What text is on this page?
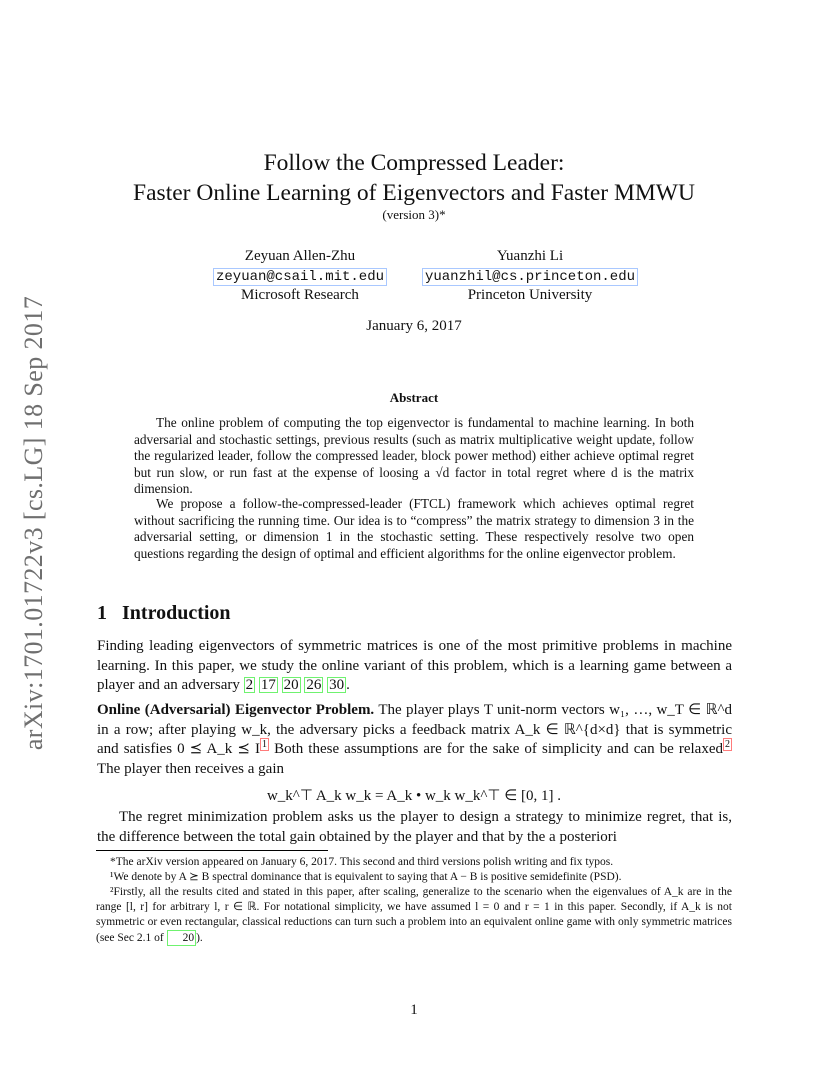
arXiv:1701.01722v3 [cs.LG] 18 Sep 2017
Follow the Compressed Leader:
Faster Online Learning of Eigenvectors and Faster MMWU
(version 3)*
Zeyuan Allen-Zhu
zeyuan@csail.mit.edu
Microsoft Research
Yuanzhi Li
yuanzhil@cs.princeton.edu
Princeton University
January 6, 2017
Abstract
The online problem of computing the top eigenvector is fundamental to machine learning. In both adversarial and stochastic settings, previous results (such as matrix multiplicative weight update, follow the regularized leader, follow the compressed leader, block power method) either achieve optimal regret but run slow, or run fast at the expense of loosing a √d factor in total regret where d is the matrix dimension.
We propose a follow-the-compressed-leader (FTCL) framework which achieves optimal regret without sacrificing the running time. Our idea is to “compress” the matrix strategy to dimension 3 in the adversarial setting, or dimension 1 in the stochastic setting. These respectively resolve two open questions regarding the design of optimal and efficient algorithms for the online eigenvector problem.
1 Introduction
Finding leading eigenvectors of symmetric matrices is one of the most primitive problems in machine learning. In this paper, we study the online variant of this problem, which is a learning game between a player and an adversary 2 17 20 26 30 .
Online (Adversarial) Eigenvector Problem. The player plays T unit-norm vectors w₁, …, w_T ∈ ℝ^d in a row; after playing w_k, the adversary picks a feedback matrix A_k ∈ ℝ^{d×d} that is symmetric and satisfies 0 ⪯ A_k ⪯ I $^1$ Both these assumptions are for the sake of simplicity and can be relaxed $^2$ The player then receives a gain
w_k^⊤ A_k w_k = A_k • w_k w_k^⊤ ∈ [0, 1] .
The regret minimization problem asks us the player to design a strategy to minimize regret, that is, the difference between the total gain obtained by the player and that by the a posteriori
*The arXiv version appeared on January 6, 2017. This second and third versions polish writing and fix typos.
¹We denote by A ⪰ B spectral dominance that is equivalent to saying that A − B is positive semidefinite (PSD).
²Firstly, all the results cited and stated in this paper, after scaling, generalize to the scenario when the eigenvalues of A_k are in the range [l, r] for arbitrary l, r ∈ ℝ. For notational simplicity, we have assumed l = 0 and r = 1 in this paper. Secondly, if A_k is not symmetric or even rectangular, classical reductions can turn such a problem into an equivalent online game with only symmetric matrices (see Sec 2.1 of 20 ).
1
